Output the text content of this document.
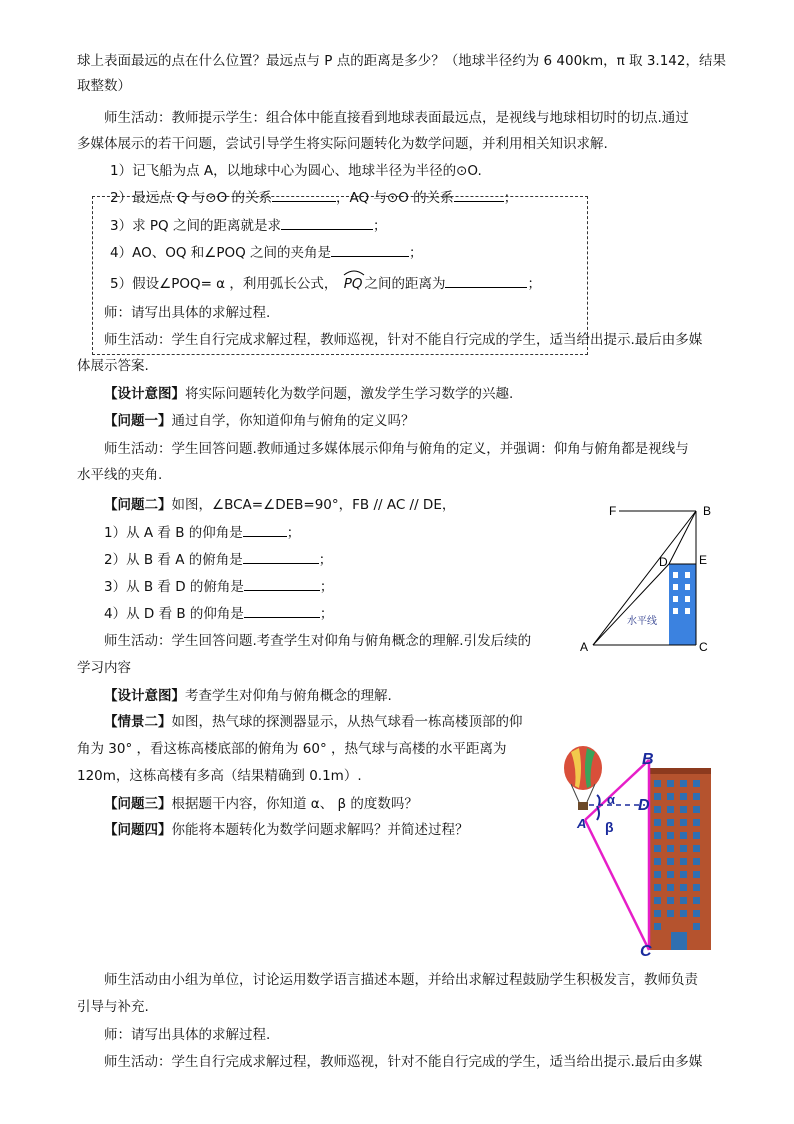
球上表面最远的点在什么位置？最远点与 P 点的距离是多少？（地球半径约为 6 400km，π 取 3.142，结果
取整数）
师生活动：教师提示学生：组合体中能直接看到地球表面最远点，是视线与地球相切时的切点.通过
多媒体展示的若干问题，尝试引导学生将实际问题转化为数学问题，并利用相关知识求解.
1）记飞船为点 A，以地球中心为圆心、地球半径为半径的⊙O.
2）最远点 Q 与⊙O 的关系	，AQ 与⊙O 的关系	；
3）求 PQ 之间的距离就是求	；
4）AO、OQ 和∠POQ 之间的夹角是	；
5）假设∠POQ= α ，利用弧长公式， PQ 之间的距离为	；
师：请写出具体的求解过程.
师生活动：学生自行完成求解过程，教师巡视，针对不能自行完成的学生，适当给出提示.最后由多媒
体展示答案.
【设计意图】将实际问题转化为数学问题，激发学生学习数学的兴趣.
【问题一】通过自学，你知道仰角与俯角的定义吗？
师生活动：学生回答问题.教师通过多媒体展示仰角与俯角的定义，并强调：仰角与俯角都是视线与
水平线的夹角.
【问题二】如图，∠BCA=∠DEB=90°，FB // AC // DE，
1）从 A 看 B 的仰角是	；
2）从 B 看 A 的俯角是	；
3）从 B 看 D 的俯角是	；
4）从 D 看 B 的仰角是	；
师生活动：学生回答问题.考查学生对仰角与俯角概念的理解.引发后续的
学习内容
【设计意图】考查学生对仰角与俯角概念的理解.
【情景二】如图，热气球的探测器显示，从热气球看一栋高楼顶部的仰
角为 30° ，看这栋高楼底部的俯角为 60° ，热气球与高楼的水平距离为
120m，这栋高楼有多高（结果精确到 0.1m）.
【问题三】根据题干内容，你知道 α、 β 的度数吗？
【问题四】你能将本题转化为数学问题求解吗？并简述过程？
师生活动由小组为单位，讨论运用数学语言描述本题，并给出求解过程鼓励学生积极发言，教师负责
引导与补充.
师：请写出具体的求解过程.
师生活动：学生自行完成求解过程，教师巡视，针对不能自行完成的学生，适当给出提示.最后由多媒
F	B
D	E
A	C
水平线
A
α
β
B
D
C
